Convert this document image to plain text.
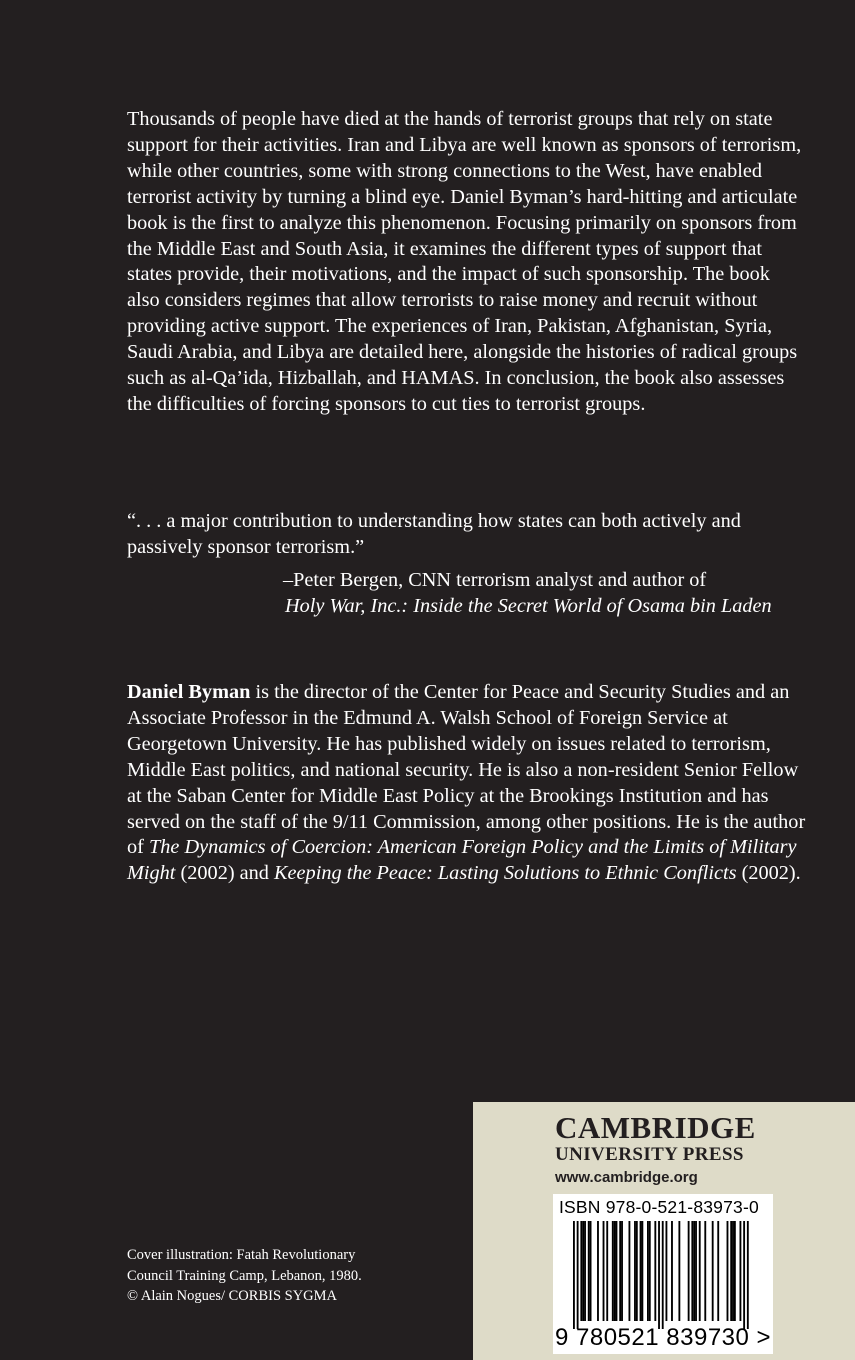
Thousands of people have died at the hands of terrorist groups that rely on state support for their activities. Iran and Libya are well known as sponsors of terrorism, while other countries, some with strong connections to the West, have enabled terrorist activity by turning a blind eye. Daniel Byman’s hard-hitting and articulate book is the first to analyze this phenomenon. Focusing primarily on sponsors from the Middle East and South Asia, it examines the different types of support that states provide, their motivations, and the impact of such sponsorship. The book also considers regimes that allow terrorists to raise money and recruit without providing active support. The experiences of Iran, Pakistan, Afghanistan, Syria, Saudi Arabia, and Libya are detailed here, alongside the histories of radical groups such as al-Qa’ida, Hizballah, and HAMAS. In conclusion, the book also assesses the difficulties of forcing sponsors to cut ties to terrorist groups.

“. . . a major contribution to understanding how states can both actively and passively sponsor terrorism.”

–Peter Bergen, CNN terrorism analyst and author of
Holy War, Inc.: Inside the Secret World of Osama bin Laden

Daniel Byman is the director of the Center for Peace and Security Studies and an Associate Professor in the Edmund A. Walsh School of Foreign Service at Georgetown University. He has published widely on issues related to terrorism, Middle East politics, and national security. He is also a non-resident Senior Fellow at the Saban Center for Middle East Policy at the Brookings Institution and has served on the staff of the 9/11 Commission, among other positions. He is the author of The Dynamics of Coercion: American Foreign Policy and the Limits of Military Might (2002) and Keeping the Peace: Lasting Solutions to Ethnic Conflicts (2002).

Cover illustration: Fatah Revolutionary
Council Training Camp, Lebanon, 1980.
© Alain Nogues/ CORBIS SYGMA
CAMBRIDGE
UNIVERSITY PRESS
www.cambridge.org
ISBN 978-0-521-83973-0
9 780521 839730 >
